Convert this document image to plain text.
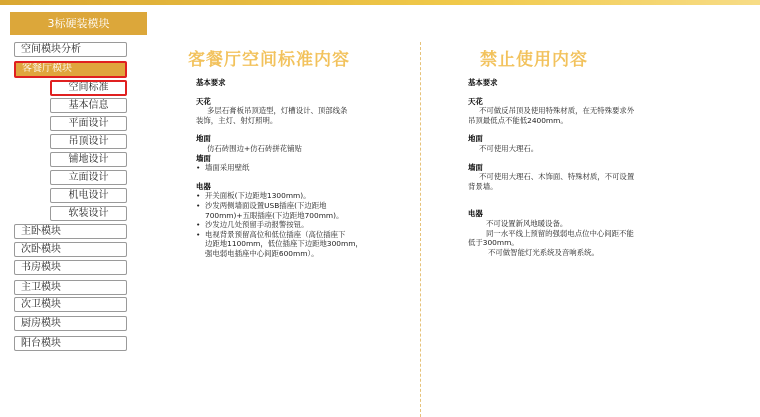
3标硬装模块
空间模块分析
客餐厅模块
空间标准
基本信息
平面设计
吊顶设计
铺地设计
立面设计
机电设计
软装设计
主卧模块
次卧模块
书房模块
主卫模块
次卫模块
厨房模块
阳台模块
客餐厅空间标准内容
基本要求
天花
多层石膏板吊顶造型，灯槽设计、顶部线条
装饰，主灯、射灯照明。
地面
仿石砖围边+仿石砖拼花铺贴
墙面
• 墙面采用壁纸
电器
• 开关面板(下边距地1300mm)。
• 沙发两侧墙面设置USB插座(下边距地
700mm)+五眼插座(下边距地700mm)。
• 沙发边几处预留手动报警按钮。
• 电视背景预留高位和低位插座（高位插座下
边距地1100mm，低位插座下边距地300mm，
强电弱电插座中心间距600mm）。
禁止使用内容
基本要求
天花
不可做反吊顶及使用特殊材质，在无特殊要求外
吊顶最低点不能低2400mm。
地面
不可使用大理石。
墙面
不可使用大理石、木饰面、特殊材质，不可设置
背景墙。
电器
不可设置新风地暖设备。
同一水平线上预留的强弱电点位中心间距不能
低于300mm。
不可做智能灯光系统及音响系统。
